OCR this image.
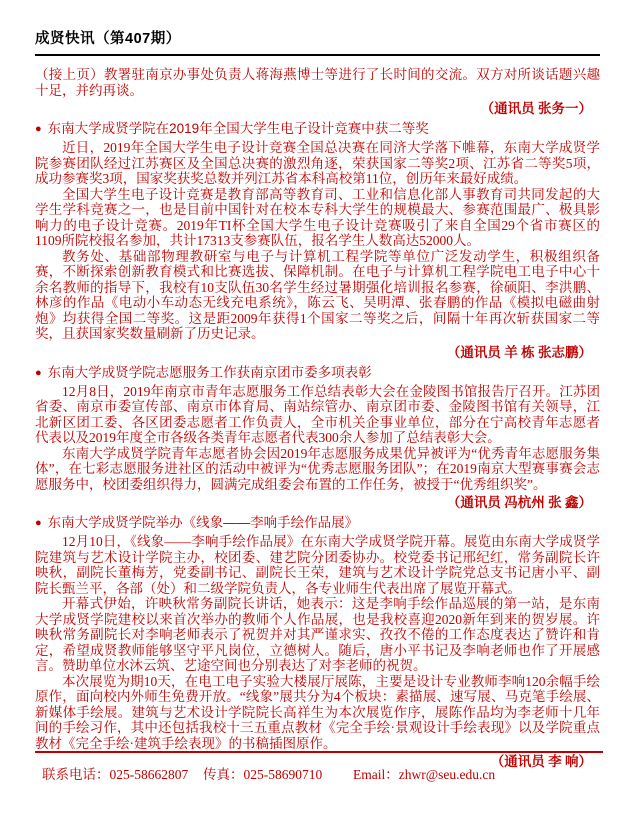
成贤快讯（第407期）

（接上页）教署驻南京办事处负责人蒋海燕博士等进行了长时间的交流。双方对所谈话题兴趣十足，并约再谈。

（通讯员 张务一）

● 东南大学成贤学院在2019年全国大学生电子设计竞赛中获二等奖

近日，2019年全国大学生电子设计竞赛全国总决赛在同济大学落下帷幕，东南大学成贤学院参赛团队经过江苏赛区及全国总决赛的激烈角逐，荣获国家二等奖2项、江苏省二等奖5项，成功参赛奖3项，国家奖获奖总数并列江苏省本科高校第11位，创历年来最好成绩。

全国大学生电子设计竞赛是教育部高等教育司、工业和信息化部人事教育司共同发起的大学生学科竞赛之一，也是目前中国针对在校本专科大学生的规模最大、参赛范围最广、极具影响力的电子设计竞赛。2019年TI杯全国大学生电子设计竞赛吸引了来自全国29个省市赛区的1109所院校报名参加，共计17313支参赛队伍，报名学生人数高达52000人。

教务处、基础部物理教研室与电子与计算机工程学院等单位广泛发动学生，积极组织备赛，不断探索创新教育模式和比赛选拔、保障机制。在电子与计算机工程学院电工电子中心十余名教师的指导下，我校有10支队伍30名学生经过暑期强化培训报名参赛，徐硕阳、李洪鹏、林彦的作品《电动小车动态无线充电系统》，陈云飞、吴明潭、张春鹏的作品《模拟电磁曲射炮》均获得全国二等奖。这是距2009年获得1个国家二等奖之后，间隔十年再次斩获国家二等奖，且获国家奖数量刷新了历史记录。

（通讯员 羊 栋 张志鹏）

● 东南大学成贤学院志愿服务工作获南京团市委多项表彰

12月8日，2019年南京市青年志愿服务工作总结表彰大会在金陵图书馆报告厅召开。江苏团省委、南京市委宣传部、南京市体育局、南站综管办、南京团市委、金陵图书馆有关领导，江北新区团工委、各区团委志愿者工作负责人，全市机关企事业单位，部分在宁高校青年志愿者代表以及2019年度全市各级各类青年志愿者代表300余人参加了总结表彰大会。

东南大学成贤学院青年志愿者协会因2019年志愿服务成果优异被评为“优秀青年志愿服务集体”，在七彩志愿服务进社区的活动中被评为“优秀志愿服务团队”；在2019南京大型赛事赛会志愿服务中，校团委组织得力，圆满完成组委会布置的工作任务，被授于“优秀组织奖”。

（通讯员 冯杭州 张 鑫）

● 东南大学成贤学院举办《线象——李响手绘作品展》

12月10日，《线象——李响手绘作品展》在东南大学成贤学院开幕。展览由东南大学成贤学院建筑与艺术设计学院主办，校团委、建艺院分团委协办。校党委书记邢纪红，常务副院长许映秋，副院长董梅芳，党委副书记、副院长王荣，建筑与艺术设计学院党总支书记唐小平、副院长甄兰平，各部（处）和二级学院负责人，各专业师生代表出席了展览开幕式。

开幕式伊始，许映秋常务副院长讲话，她表示：这是李响手绘作品巡展的第一站，是东南大学成贤学院建校以来首次举办的教师个人作品展，也是我校喜迎2020新年到来的贺岁展。许映秋常务副院长对李响老师表示了祝贺并对其严谨求实、孜孜不倦的工作态度表达了赞许和肯定，希望成贤教师能够坚守平凡岗位，立德树人。随后，唐小平书记及李响老师也作了开展感言。赞助单位水沐云筑、艺途空间也分别表达了对李老师的祝贺。

本次展览为期10天，在电工电子实验大楼展厅展陈，主要是设计专业教师李响120余幅手绘原作，面向校内外师生免费开放。“线象”展共分为4个板块：素描展、速写展、马克笔手绘展、新媒体手绘展。建筑与艺术设计学院院长高祥生为本次展览作序，展陈作品均为李老师十几年间的手绘习作，其中还包括我校十三五重点教材《完全手绘·景观设计手绘表现》以及学院重点教材《完全手绘·建筑手绘表现》的书稿插图原作。

（通讯员 李 响）

联系电话：025-58662807 传真：025-58690710 Email：zhwr@seu.edu.cn
